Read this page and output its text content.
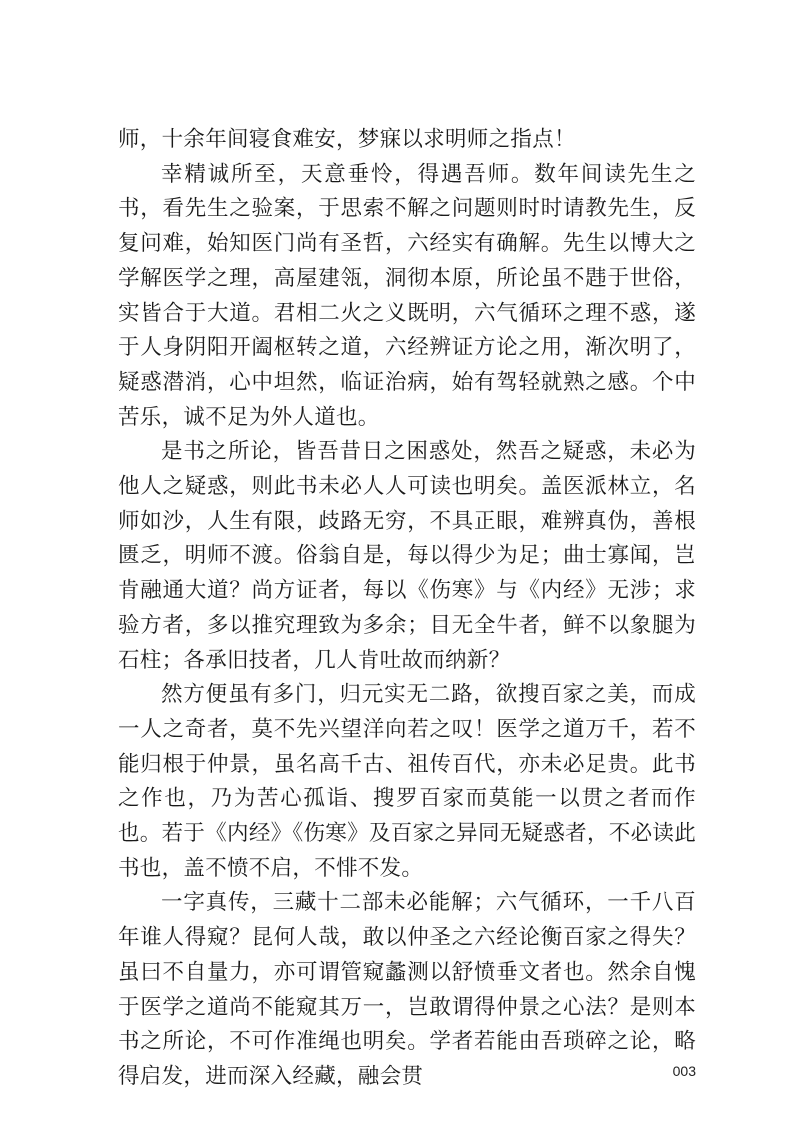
师，十余年间寝食难安，梦寐以求明师之指点！

幸精诚所至，天意垂怜，得遇吾师。数年间读先生之书，看先生之验案，于思索不解之问题则时时请教先生，反复问难，始知医门尚有圣哲，六经实有确解。先生以博大之学解医学之理，高屋建瓴，洞彻本原，所论虽不韪于世俗，实皆合于大道。君相二火之义既明，六气循环之理不惑，遂于人身阴阳开阖枢转之道，六经辨证方论之用，渐次明了，疑惑潜消，心中坦然，临证治病，始有驾轻就熟之感。个中苦乐，诚不足为外人道也。

是书之所论，皆吾昔日之困惑处，然吾之疑惑，未必为他人之疑惑，则此书未必人人可读也明矣。盖医派林立，名师如沙，人生有限，歧路无穷，不具正眼，难辨真伪，善根匮乏，明师不渡。俗翁自是，每以得少为足；曲士寡闻，岂肯融通大道？尚方证者，每以《伤寒》与《内经》无涉；求验方者，多以推究理致为多余；目无全牛者，鲜不以象腿为石柱；各承旧技者，几人肯吐故而纳新？

然方便虽有多门，归元实无二路，欲搜百家之美，而成一人之奇者，莫不先兴望洋向若之叹！医学之道万千，若不能归根于仲景，虽名高千古、祖传百代，亦未必足贵。此书之作也，乃为苦心孤诣、搜罗百家而莫能一以贯之者而作也。若于《内经》《伤寒》及百家之异同无疑惑者，不必读此书也，盖不愤不启，不悱不发。

一字真传，三藏十二部未必能解；六气循环，一千八百年谁人得窥？昆何人哉，敢以仲圣之六经论衡百家之得失？虽曰不自量力，亦可谓管窥蠡测以舒愤垂文者也。然余自愧于医学之道尚不能窥其万一，岂敢谓得仲景之心法？是则本书之所论，不可作准绳也明矣。学者若能由吾琐碎之论，略得启发，进而深入经藏，融会贯	003
